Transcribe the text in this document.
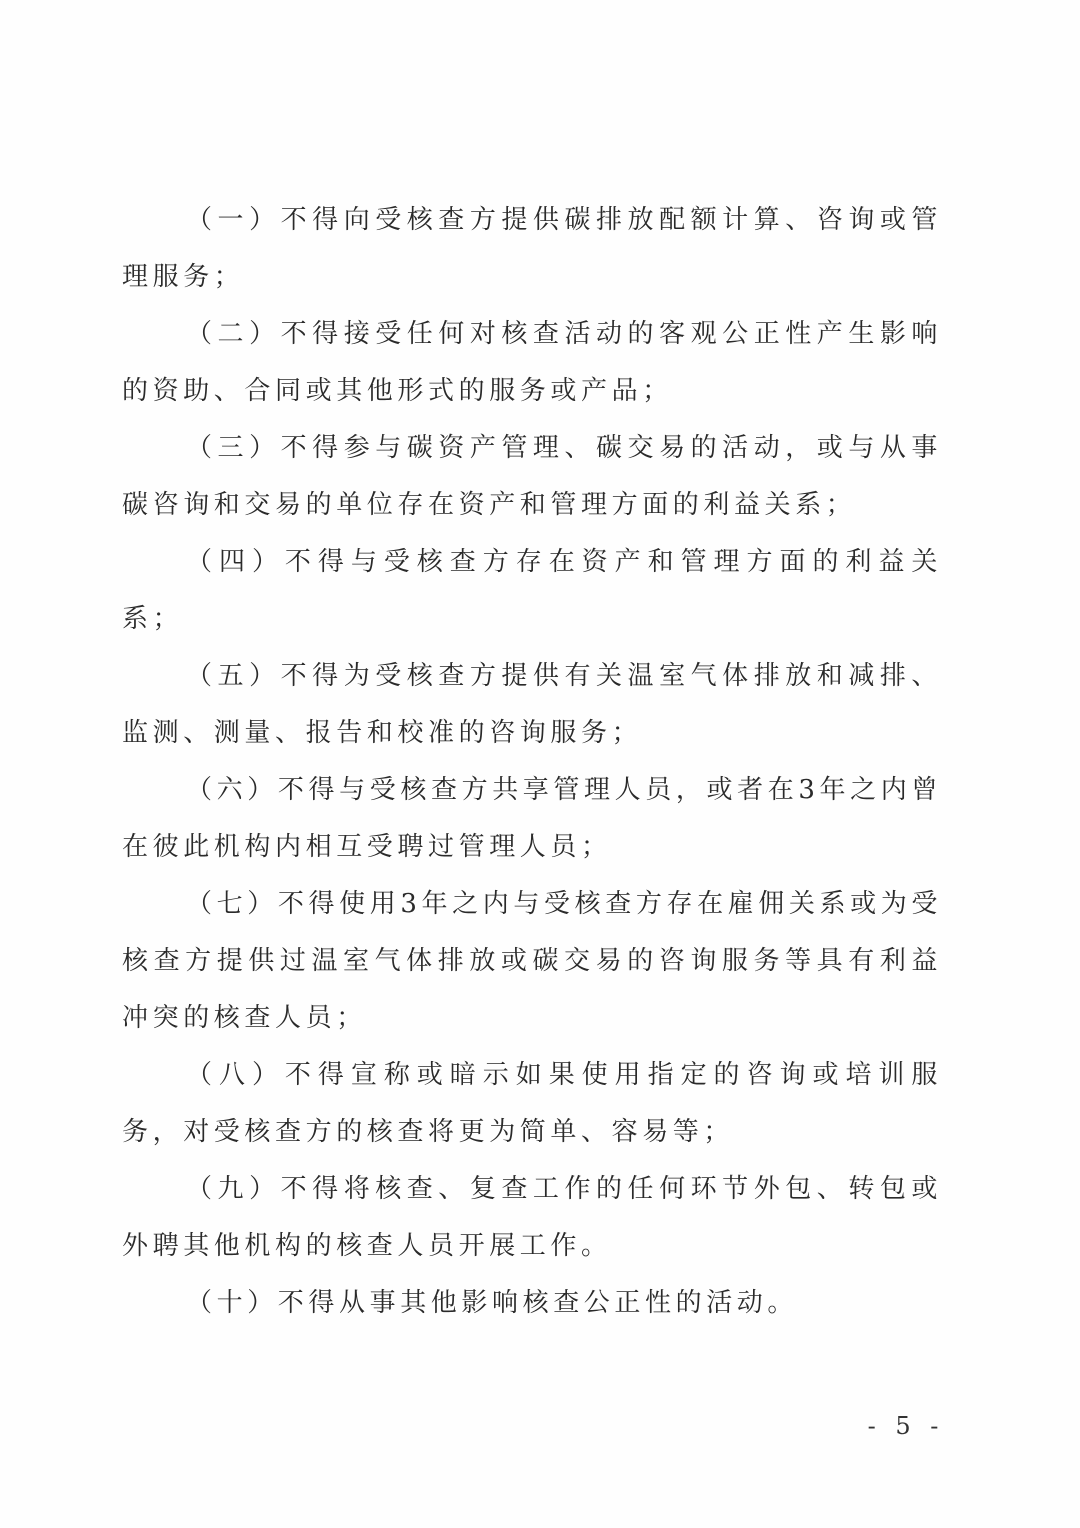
（一）不得向受核查方提供碳排放配额计算、咨询或管理服务；

（二）不得接受任何对核查活动的客观公正性产生影响的资助、合同或其他形式的服务或产品；

（三）不得参与碳资产管理、碳交易的活动，或与从事碳咨询和交易的单位存在资产和管理方面的利益关系；

（四）不得与受核查方存在资产和管理方面的利益关系；

（五）不得为受核查方提供有关温室气体排放和减排、监测、测量、报告和校准的咨询服务；

（六）不得与受核查方共享管理人员，或者在3年之内曾在彼此机构内相互受聘过管理人员；

（七）不得使用3年之内与受核查方存在雇佣关系或为受核查方提供过温室气体排放或碳交易的咨询服务等具有利益冲突的核查人员；

（八）不得宣称或暗示如果使用指定的咨询或培训服务，对受核查方的核查将更为简单、容易等；

（九）不得将核查、复查工作的任何环节外包、转包或外聘其他机构的核查人员开展工作。

（十）不得从事其他影响核查公正性的活动。

- 5 -
